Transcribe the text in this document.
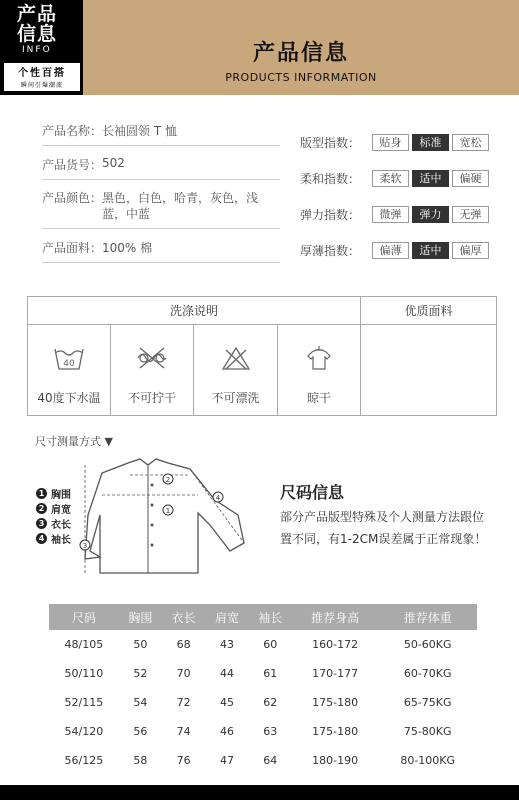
产品
信息
INFO
个性百搭
瞬间引爆潮流
产品信息
PRODUCTS INFORMATION
产品名称： 长袖圆领 T 恤
产品货号： 502
产品颜色： 黑色，白色，哈青，灰色，浅蓝，中蓝
产品面料： 100% 棉
版型指数：	贴身	标准	宽松
柔和指数：	柔软	适中	偏硬
弹力指数：	微弹	弹力	无弹
厚薄指数：	偏薄	适中	偏厚
洗涤说明	优质面料
40
40度下水温	不可拧干	不可漂洗	晾干
尺寸测量方式 ▼
1
2
3
4
1 胸围
2 肩宽
3 衣长
4 袖长
尺码信息
部分产品版型特殊及个人测量方法跟位置不同，有1-2CM误差属于正常现象！
尺码	胸围	衣长	肩宽	袖长	推荐身高	推荐体重
48/105	50	68	43	60	160-172	50-60KG
50/110	52	70	44	61	170-177	60-70KG
52/115	54	72	45	62	175-180	65-75KG
54/120	56	74	46	63	175-180	75-80KG
56/125	58	76	47	64	180-190	80-100KG
